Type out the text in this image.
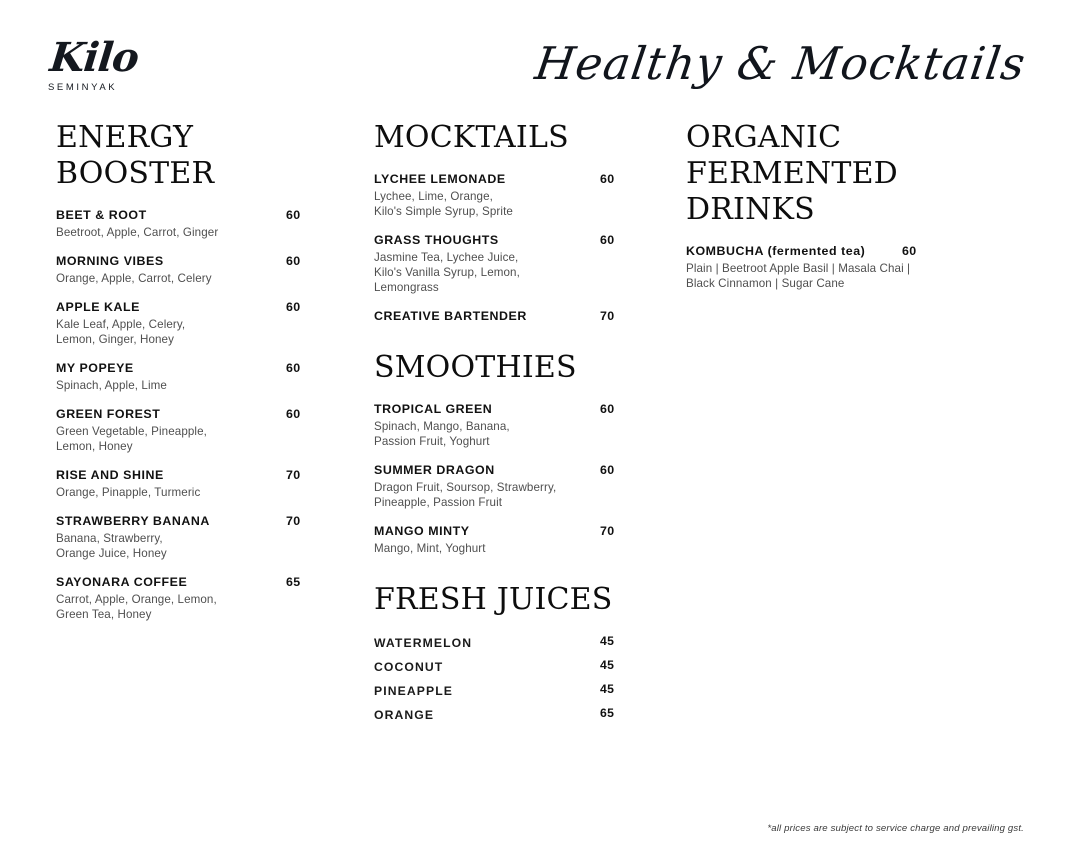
Kilo
SEMINYAK	Healthy & Mocktails
ENERGY BOOSTER
BEET & ROOT	60
Beetroot, Apple, Carrot, Ginger
MORNING VIBES	60
Orange, Apple, Carrot, Celery
APPLE KALE	60
Kale Leaf, Apple, Celery,
Lemon, Ginger, Honey
MY POPEYE	60
Spinach, Apple, Lime
GREEN FOREST	60
Green Vegetable, Pineapple,
Lemon, Honey
RISE AND SHINE	70
Orange, Pinapple, Turmeric
STRAWBERRY BANANA	70
Banana, Strawberry,
Orange Juice, Honey
SAYONARA COFFEE	65
Carrot, Apple, Orange, Lemon,
Green Tea, Honey
MOCKTAILS
LYCHEE LEMONADE	60
Lychee, Lime, Orange,
Kilo's Simple Syrup, Sprite
GRASS THOUGHTS	60
Jasmine Tea, Lychee Juice,
Kilo's Vanilla Syrup, Lemon, Lemongrass
CREATIVE BARTENDER	70
SMOOTHIES
TROPICAL GREEN	60
Spinach, Mango, Banana,
Passion Fruit, Yoghurt
SUMMER DRAGON	60
Dragon Fruit, Soursop, Strawberry,
Pineapple, Passion Fruit
MANGO MINTY	70
Mango, Mint, Yoghurt
FRESH JUICES
WATERMELON	45
COCONUT	45
PINEAPPLE	45
ORANGE	65
ORGANIC FERMENTED DRINKS
KOMBUCHA (fermented tea)	60
Plain | Beetroot Apple Basil | Masala Chai |
Black Cinnamon | Sugar Cane
*all prices are subject to service charge and prevailing gst.
